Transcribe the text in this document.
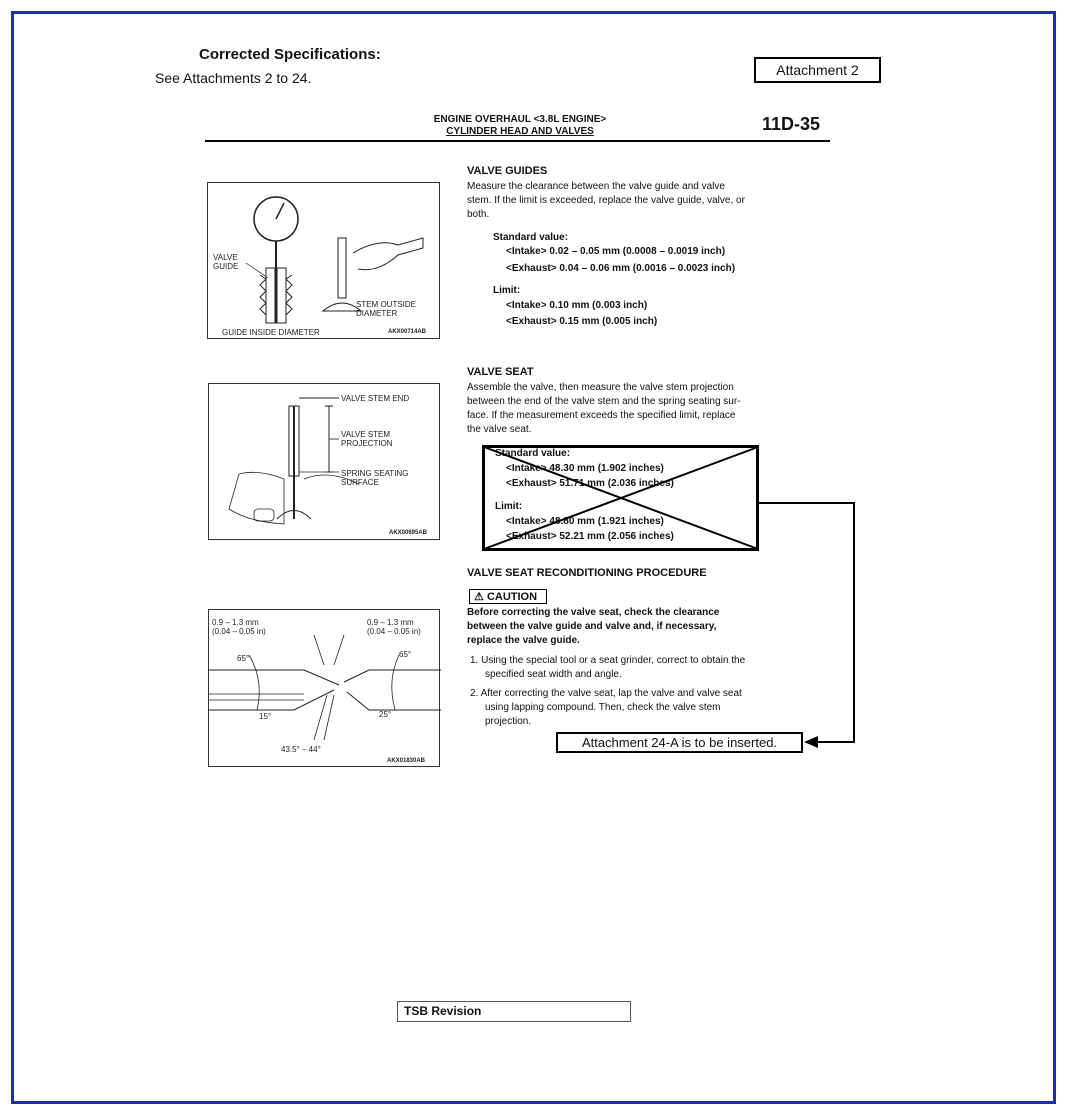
Corrected Specifications:
See Attachments 2 to 24.	Attachment 2
ENGINE OVERHAUL <3.8L ENGINE>
CYLINDER HEAD AND VALVES	11D-35
VALVE
GUIDE
STEM OUTSIDE
DIAMETER
GUIDE INSIDE DIAMETER	AKX00714AB
VALVE STEM END
VALVE STEM
PROJECTION
SPRING SEATING
SURFACE
AKX00695AB
0.9 – 1.3 mm
(0.04 – 0.05 in)
0.9 – 1.3 mm
(0.04 – 0.05 in)
65°	65°
15°	25°
43.5° – 44°
AKX01830AB
VALVE GUIDES
Measure the clearance between the valve guide and valve
stem. If the limit is exceeded, replace the valve guide, valve, or
both.
Standard value:
<Intake> 0.02 – 0.05 mm (0.0008 – 0.0019 inch)
<Exhaust> 0.04 – 0.06 mm (0.0016 – 0.0023 inch)
Limit:
<Intake> 0.10 mm (0.003 inch)
<Exhaust> 0.15 mm (0.005 inch)
VALVE SEAT
Assemble the valve, then measure the valve stem projection
between the end of the valve stem and the spring seating sur-
face. If the measurement exceeds the specified limit, replace
the valve seat.
Standard value:
<Intake> 48.30 mm (1.902 inches)
<Exhaust> 51.71 mm (2.036 inches)
Limit:
<Intake> 48.80 mm (1.921 inches)
<Exhaust> 52.21 mm (2.056 inches)
VALVE SEAT RECONDITIONING PROCEDURE
⚠ CAUTION
Before correcting the valve seat, check the clearance
between the valve guide and valve and, if necessary,
replace the valve guide.
1. Using the special tool or a seat grinder, correct to obtain the
specified seat width and angle.
2. After correcting the valve seat, lap the valve and valve seat
using lapping compound. Then, check the valve stem
projection.
Attachment 24-A is to be inserted.
TSB Revision
